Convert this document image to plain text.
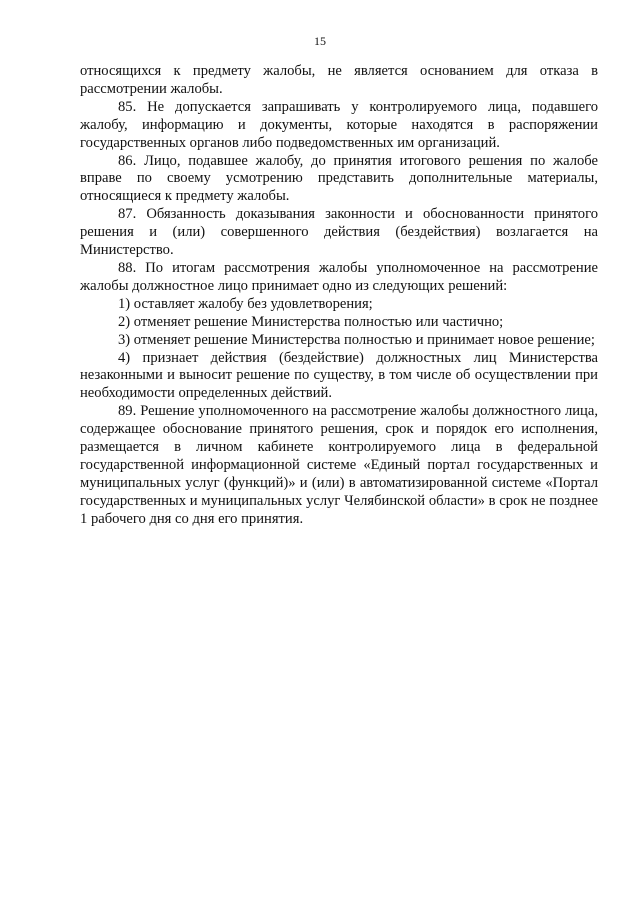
15

относящихся к предмету жалобы, не является основанием для отказа в рассмотрении жалобы.

85. Не допускается запрашивать у контролируемого лица, подавшего жалобу, информацию и документы, которые находятся в распоряжении государственных органов либо подведомственных им организаций.

86. Лицо, подавшее жалобу, до принятия итогового решения по жалобе вправе по своему усмотрению представить дополнительные материалы, относящиеся к предмету жалобы.

87. Обязанность доказывания законности и обоснованности принятого решения и (или) совершенного действия (бездействия) возлагается на Министерство.

88. По итогам рассмотрения жалобы уполномоченное на рассмотрение жалобы должностное лицо принимает одно из следующих решений:

1) оставляет жалобу без удовлетворения;

2) отменяет решение Министерства полностью или частично;

3) отменяет решение Министерства полностью и принимает новое решение;

4) признает действия (бездействие) должностных лиц Министерства незаконными и выносит решение по существу, в том числе об осуществлении при необходимости определенных действий.

89. Решение уполномоченного на рассмотрение жалобы должностного лица, содержащее обоснование принятого решения, срок и порядок его исполнения, размещается в личном кабинете контролируемого лица в федеральной государственной информационной системе «Единый портал государственных и муниципальных услуг (функций)» и (или) в автоматизированной системе «Портал государственных и муниципальных услуг Челябинской области» в срок не позднее 1 рабочего дня со дня его принятия.
